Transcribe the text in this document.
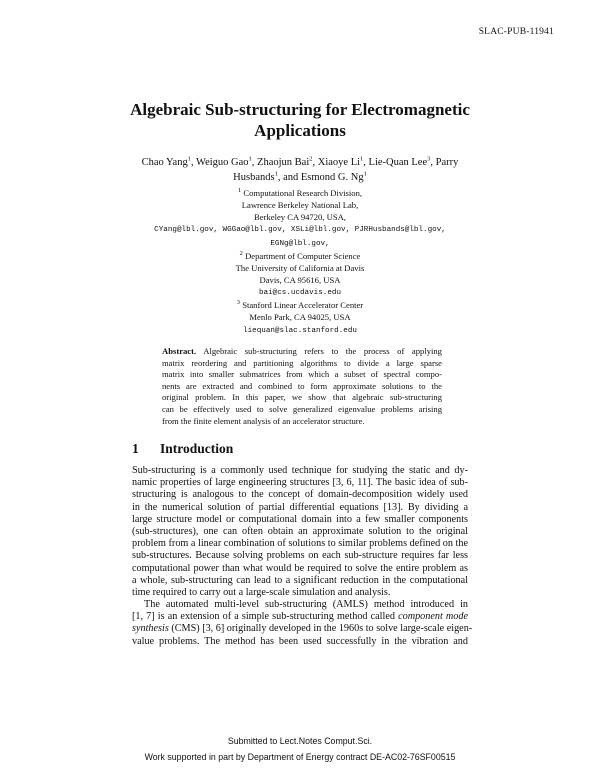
SLAC-PUB-11941
Algebraic Sub-structuring for Electromagnetic
Applications
Chao Yang$^1$, Weiguo Gao$^1$, Zhaojun Bai$^2$, Xiaoye Li$^1$, Lie-Quan Lee$^3$, Parry
Husbands$^1$, and Esmond G. Ng$^1$
$^1$ Computational Research Division,
Lawrence Berkeley National Lab,
Berkeley CA 94720, USA,
CYang@lbl.gov, WGGao@lbl.gov, XSLi@lbl.gov, PJRHusbands@lbl.gov,
EGNg@lbl.gov,
$^2$ Department of Computer Science
The University of California at Davis
Davis, CA 95616, USA
bai@cs.ucdavis.edu
$^3$ Stanford Linear Accelerator Center
Menlo Park, CA 94025, USA
liequan@slac.stanford.edu
Abstract. Algebraic sub-structuring refers to the process of applying
matrix reordering and partitioning algorithms to divide a large sparse
matrix into smaller submatrices from which a subset of spectral compo-
nents are extracted and combined to form approximate solutions to the
original problem. In this paper, we show that algebraic sub-structuring
can be effectively used to solve generalized eigenvalue problems arising
from the finite element analysis of an accelerator structure.
1 Introduction
Sub-structuring is a commonly used technique for studying the static and dy-
namic properties of large engineering structures [3, 6, 11]. The basic idea of sub-
structuring is analogous to the concept of domain-decomposition widely used
in the numerical solution of partial differential equations [13]. By dividing a
large structure model or computational domain into a few smaller components
(sub-structures), one can often obtain an approximate solution to the original
problem from a linear combination of solutions to similar problems defined on the
sub-structures. Because solving problems on each sub-structure requires far less
computational power than what would be required to solve the entire problem as
a whole, sub-structuring can lead to a significant reduction in the computational
time required to carry out a large-scale simulation and analysis.
The automated multi-level sub-structuring (AMLS) method introduced in
[1, 7] is an extension of a simple sub-structuring method called component mode
synthesis (CMS) [3, 6] originally developed in the 1960s to solve large-scale eigen-
value problems. The method has been used successfully in the vibration and
Submitted to Lect.Notes Comput.Sci.
Work supported in part by Department of Energy contract DE-AC02-76SF00515
